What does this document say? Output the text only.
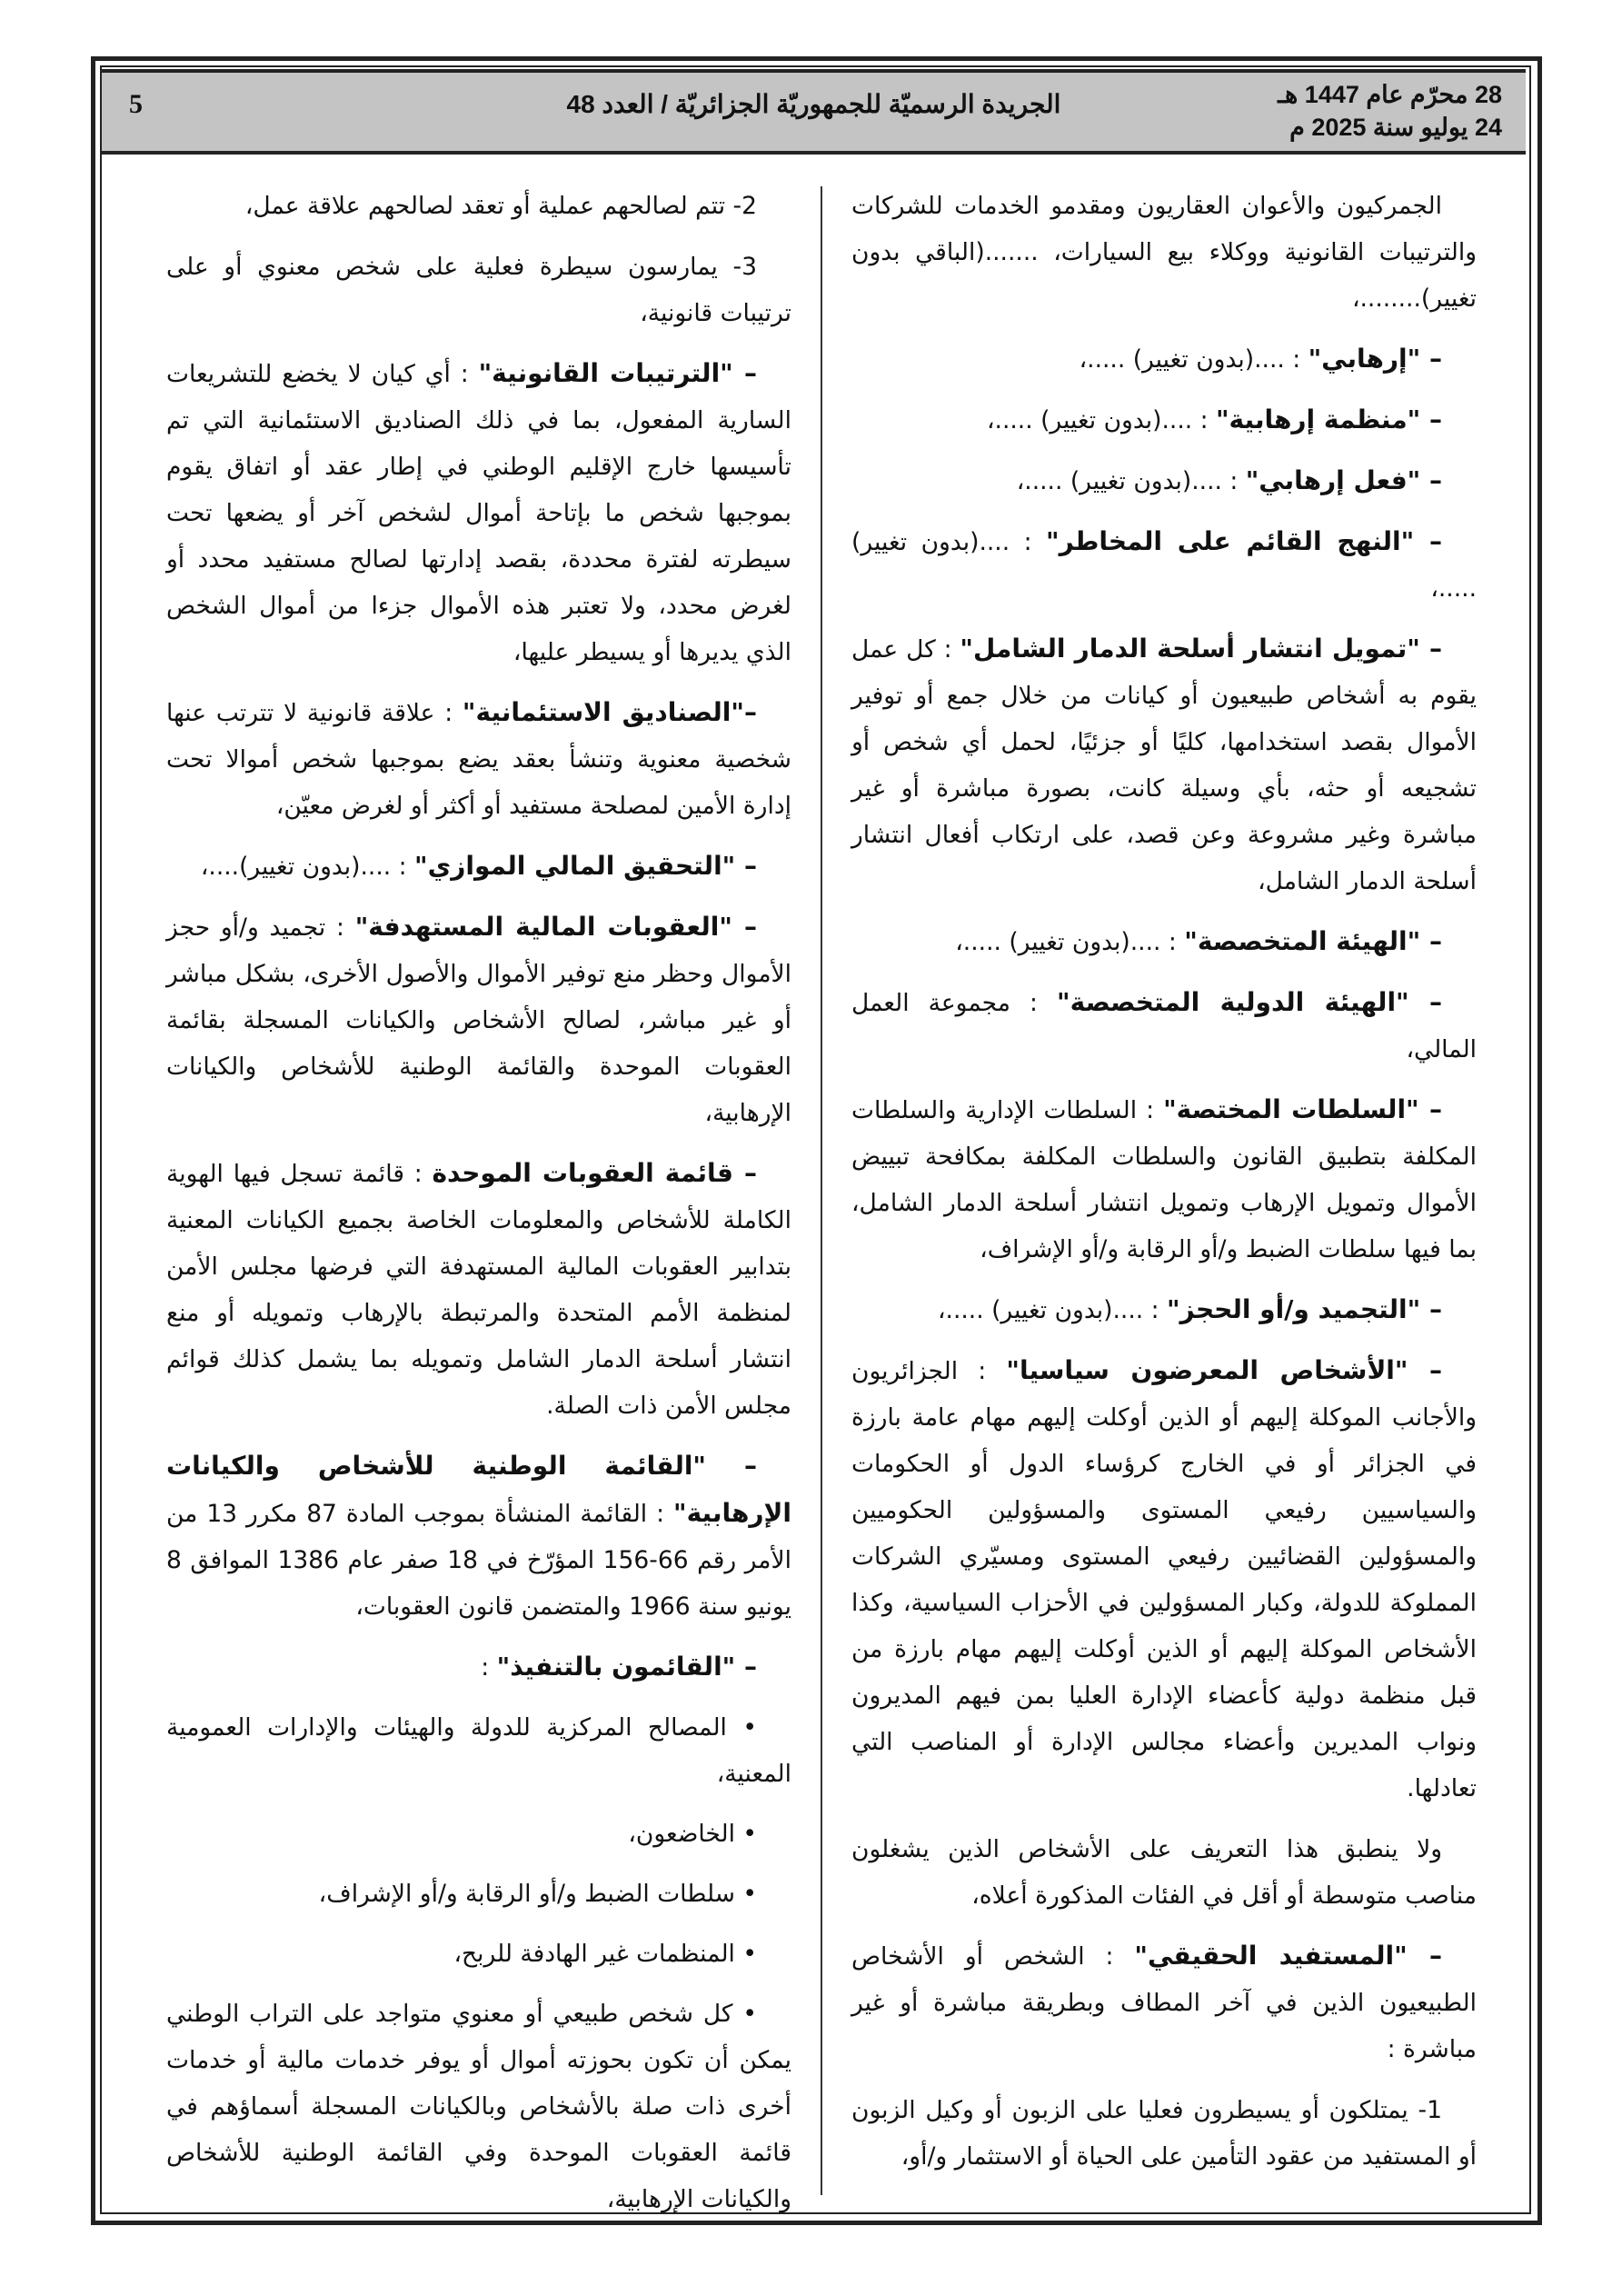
28 محرّم عام 1447 هـ
24 يوليو سنة 2025 م
الجريدة الرسميّة للجمهوريّة الجزائريّة / العدد 48
5

الجمركيون والأعوان العقاريون ومقدمو الخدمات للشركات والترتيبات القانونية ووكلاء بيع السيارات، .......(الباقي بدون تغيير)........،

– "إرهابي" : ....(بدون تغيير) .....،

– "منظمة إرهابية" : ....(بدون تغيير) .....،

– "فعل إرهابي" : ....(بدون تغيير) .....،

– "النهج القائم على المخاطر" : ....(بدون تغيير) .....،

– "تمويل انتشار أسلحة الدمار الشامل" : كل عمل يقوم به أشخاص طبيعيون أو كيانات من خلال جمع أو توفير الأموال بقصد استخدامها، كليًا أو جزئيًا، لحمل أي شخص أو تشجيعه أو حثه، بأي وسيلة كانت، بصورة مباشرة أو غير مباشرة وغير مشروعة وعن قصد، على ارتكاب أفعال انتشار أسلحة الدمار الشامل،

– "الهيئة المتخصصة" : ....(بدون تغيير) .....،

– "الهيئة الدولية المتخصصة" : مجموعة العمل المالي،

– "السلطات المختصة" : السلطات الإدارية والسلطات المكلفة بتطبيق القانون والسلطات المكلفة بمكافحة تبييض الأموال وتمويل الإرهاب وتمويل انتشار أسلحة الدمار الشامل، بما فيها سلطات الضبط و/أو الرقابة و/أو الإشراف،

– "التجميد و/أو الحجز" : ....(بدون تغيير) .....،

– "الأشخاص المعرضون سياسيا" : الجزائريون والأجانب الموكلة إليهم أو الذين أوكلت إليهم مهام عامة بارزة في الجزائر أو في الخارج كرؤساء الدول أو الحكومات والسياسيين رفيعي المستوى والمسؤولين الحكوميين والمسؤولين القضائيين رفيعي المستوى ومسيّري الشركات المملوكة للدولة، وكبار المسؤولين في الأحزاب السياسية، وكذا الأشخاص الموكلة إليهم أو الذين أوكلت إليهم مهام بارزة من قبل منظمة دولية كأعضاء الإدارة العليا بمن فيهم المديرون ونواب المديرين وأعضاء مجالس الإدارة أو المناصب التي تعادلها.

ولا ينطبق هذا التعريف على الأشخاص الذين يشغلون مناصب متوسطة أو أقل في الفئات المذكورة أعلاه،

– "المستفيد الحقيقي" : الشخص أو الأشخاص الطبيعيون الذين في آخر المطاف وبطريقة مباشرة أو غير مباشرة :

1- يمتلكون أو يسيطرون فعليا على الزبون أو وكيل الزبون أو المستفيد من عقود التأمين على الحياة أو الاستثمار و/أو،

2- تتم لصالحهم عملية أو تعقد لصالحهم علاقة عمل،

3- يمارسون سيطرة فعلية على شخص معنوي أو على ترتيبات قانونية،

– "الترتيبات القانونية" : أي كيان لا يخضع للتشريعات السارية المفعول، بما في ذلك الصناديق الاستئمانية التي تم تأسيسها خارج الإقليم الوطني في إطار عقد أو اتفاق يقوم بموجبها شخص ما بإتاحة أموال لشخص آخر أو يضعها تحت سيطرته لفترة محددة، بقصد إدارتها لصالح مستفيد محدد أو لغرض محدد، ولا تعتبر هذه الأموال جزءا من أموال الشخص الذي يديرها أو يسيطر عليها،

–"الصناديق الاستئمانية" : علاقة قانونية لا تترتب عنها شخصية معنوية وتنشأ بعقد يضع بموجبها شخص أموالا تحت إدارة الأمين لمصلحة مستفيد أو أكثر أو لغرض معيّن،

– "التحقيق المالي الموازي" : ....(بدون تغيير)....،

– "العقوبات المالية المستهدفة" : تجميد و/أو حجز الأموال وحظر منع توفير الأموال والأصول الأخرى، بشكل مباشر أو غير مباشر، لصالح الأشخاص والكيانات المسجلة بقائمة العقوبات الموحدة والقائمة الوطنية للأشخاص والكيانات الإرهابية،

– قائمة العقوبات الموحدة : قائمة تسجل فيها الهوية الكاملة للأشخاص والمعلومات الخاصة بجميع الكيانات المعنية بتدابير العقوبات المالية المستهدفة التي فرضها مجلس الأمن لمنظمة الأمم المتحدة والمرتبطة بالإرهاب وتمويله أو منع انتشار أسلحة الدمار الشامل وتمويله بما يشمل كذلك قوائم مجلس الأمن ذات الصلة.

– "القائمة الوطنية للأشخاص والكيانات الإرهابية" : القائمة المنشأة بموجب المادة 87 مكرر 13 من الأمر رقم 66-156 المؤرّخ في 18 صفر عام 1386 الموافق 8 يونيو سنة 1966 والمتضمن قانون العقوبات،

– "القائمون بالتنفيذ" :

• المصالح المركزية للدولة والهيئات والإدارات العمومية المعنية،

• الخاضعون،

• سلطات الضبط و/أو الرقابة و/أو الإشراف،

• المنظمات غير الهادفة للربح،

• كل شخص طبيعي أو معنوي متواجد على التراب الوطني يمكن أن تكون بحوزته أموال أو يوفر خدمات مالية أو خدمات أخرى ذات صلة بالأشخاص وبالكيانات المسجلة أسماؤهم في قائمة العقوبات الموحدة وفي القائمة الوطنية للأشخاص والكيانات الإرهابية،
